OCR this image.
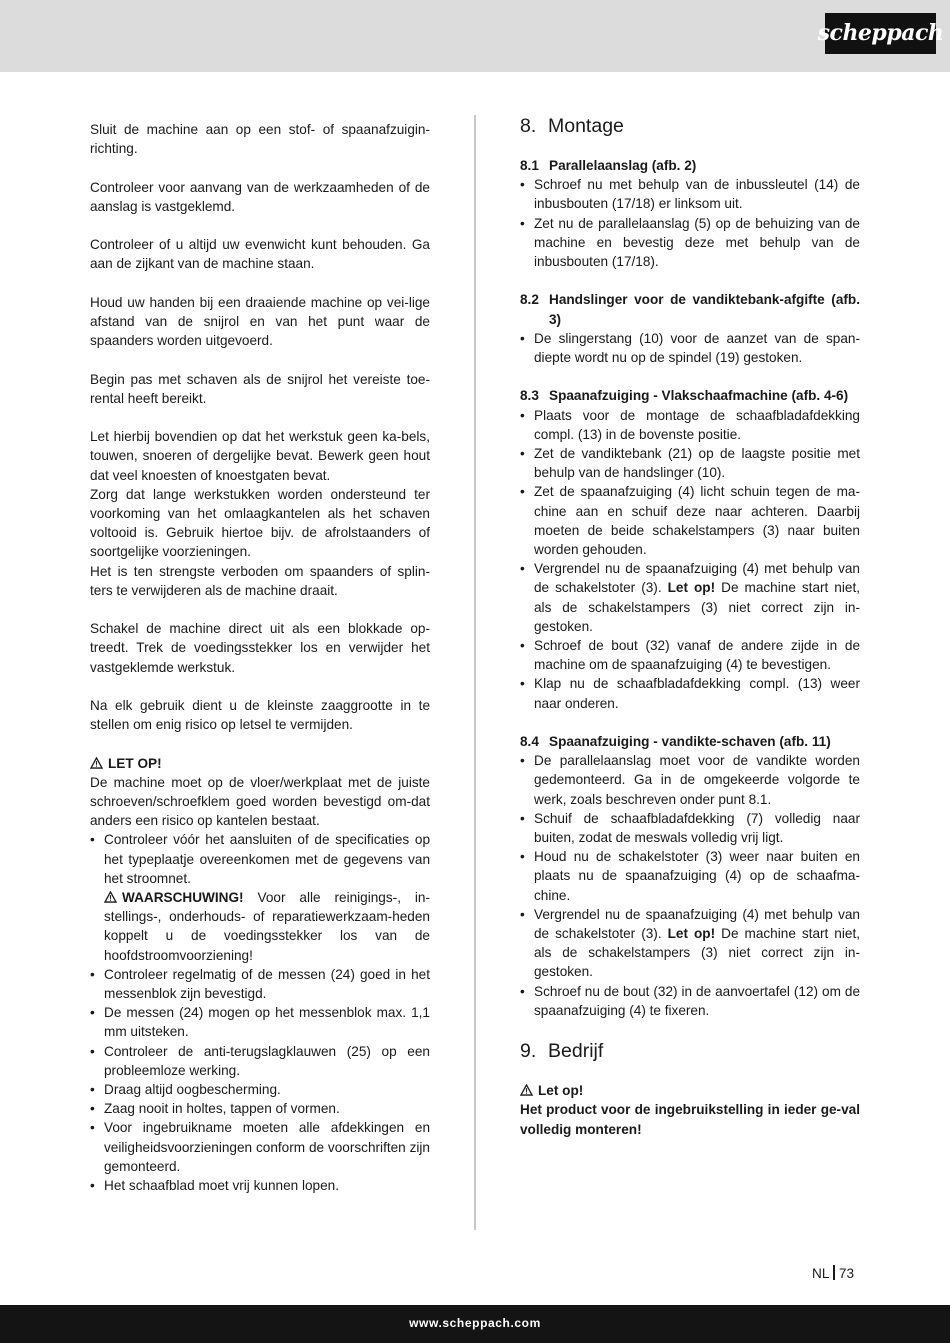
scheppach

Sluit de machine aan op een stof- of spaanafzuigin-richting.

Controleer voor aanvang van de werkzaamheden of de aanslag is vastgeklemd.

Controleer of u altijd uw evenwicht kunt behouden. Ga aan de zijkant van de machine staan.

Houd uw handen bij een draaiende machine op vei-lige afstand van de snijrol en van het punt waar de spaanders worden uitgevoerd.

Begin pas met schaven als de snijrol het vereiste toe-rental heeft bereikt.

Let hierbij bovendien op dat het werkstuk geen ka-bels, touwen, snoeren of dergelijke bevat. Bewerk geen hout dat veel knoesten of knoestgaten bevat.

Zorg dat lange werkstukken worden ondersteund ter voorkoming van het omlaagkantelen als het schaven voltooid is. Gebruik hiertoe bijv. de afrolstaanders of soortgelijke voorzieningen.

Het is ten strengste verboden om spaanders of splin-ters te verwijderen als de machine draait.

Schakel de machine direct uit als een blokkade op-treedt. Trek de voedingsstekker los en verwijder het vastgeklemde werkstuk.

Na elk gebruik dient u de kleinste zaaggrootte in te stellen om enig risico op letsel te vermijden.

LET OP!

De machine moet op de vloer/werkplaat met de juiste schroeven/schroefklem goed worden bevestigd om-dat anders een risico op kantelen bestaat.

• Controleer vóór het aansluiten of de specificaties op het typeplaatje overeenkomen met de gegevens van het stroomnet.
WAARSCHUWING! Voor alle reinigings-, in-stellings-, onderhouds- of reparatiewerkzaam-heden koppelt u de voedingsstekker los van de hoofdstroomvoorziening!
• Controleer regelmatig of de messen (24) goed in het messenblok zijn bevestigd.
• De messen (24) mogen op het messenblok max. 1,1 mm uitsteken.
• Controleer de anti-terugslagklauwen (25) op een probleemloze werking.
• Draag altijd oogbescherming.
• Zaag nooit in holtes, tappen of vormen.
• Voor ingebruikname moeten alle afdekkingen en veiligheidsvoorzieningen conform de voorschriften zijn gemonteerd.
• Het schaafblad moet vrij kunnen lopen.
8. Montage
8.1 Parallelaanslag (afb. 2)
• Schroef nu met behulp van de inbussleutel (14) de inbusbouten (17/18) er linksom uit.
• Zet nu de parallelaanslag (5) op de behuizing van de machine en bevestig deze met behulp van de inbusbouten (17/18).
8.2 Handslinger voor de vandiktebank-afgifte (afb. 3)
• De slingerstang (10) voor de aanzet van de span-diepte wordt nu op de spindel (19) gestoken.
8.3 Spaanafzuiging - Vlakschaafmachine (afb. 4-6)
• Plaats voor de montage de schaafbladafdekking compl. (13) in de bovenste positie.
• Zet de vandiktebank (21) op de laagste positie met behulp van de handslinger (10).
• Zet de spaanafzuiging (4) licht schuin tegen de ma-chine aan en schuif deze naar achteren. Daarbij moeten de beide schakelstampers (3) naar buiten worden gehouden.
• Vergrendel nu de spaanafzuiging (4) met behulp van de schakelstoter (3). Let op! De machine start niet, als de schakelstampers (3) niet correct zijn in-gestoken.
• Schroef de bout (32) vanaf de andere zijde in de machine om de spaanafzuiging (4) te bevestigen.
• Klap nu de schaafbladafdekking compl. (13) weer naar onderen.
8.4 Spaanafzuiging - vandikte-schaven (afb. 11)
• De parallelaanslag moet voor de vandikte worden gedemonteerd. Ga in de omgekeerde volgorde te werk, zoals beschreven onder punt 8.1.
• Schuif de schaafbladafdekking (7) volledig naar buiten, zodat de meswals volledig vrij ligt.
• Houd nu de schakelstoter (3) weer naar buiten en plaats nu de spaanafzuiging (4) op de schaafma-chine.
• Vergrendel nu de spaanafzuiging (4) met behulp van de schakelstoter (3). Let op! De machine start niet, als de schakelstampers (3) niet correct zijn in-gestoken.
• Schroef nu de bout (32) in de aanvoertafel (12) om de spaanafzuiging (4) te fixeren.
9. Bedrijf

Let op!

Het product voor de ingebruikstelling in ieder ge-val volledig monteren!

NL 73
www.scheppach.com
